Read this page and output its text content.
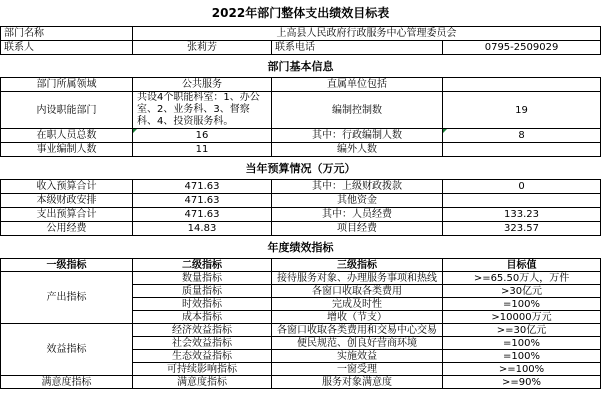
2022年部门整体支出绩效目标表
部门名称	上高县人民政府行政服务中心管理委员会		
联系人	张莉芳	联系电话	0795-2509029
部门基本信息			
部门所属领域	公共服务	直属单位包括	
内设职能部门	共设4个职能科室：1、办公室、2、业务科、3、督察科、4、投资服务科。	编制控制数	19
在职人员总数	16	其中：行政编制人数	8
事业编制人数	11	编外人数	
当年预算情况（万元）			
收入预算合计	471.63	其中：上级财政拨款	0
本级财政安排	471.63	其他资金	
支出预算合计	471.63	其中：人员经费	133.23
公用经费	14.83	项目经费	323.57
年度绩效指标			
一级指标	二级指标	三级指标	目标值
产出指标	数量指标	接待服务对象、办理服务事项和热线	>=65.50万人，万件
	质量指标	各窗口收取各类费用	>30亿元
	时效指标	完成及时性	=100%
	成本指标	增收（节支）	>10000万元
效益指标	经济效益指标	各窗口收取各类费用和交易中心交易	>=30亿元
	社会效益指标	便民规范、创良好营商环境	=100%
	生态效益指标	实施效益	=100%
	可持续影响指标	一窗受理	>=100%
满意度指标	满意度指标	服务对象满意度	>=90%
